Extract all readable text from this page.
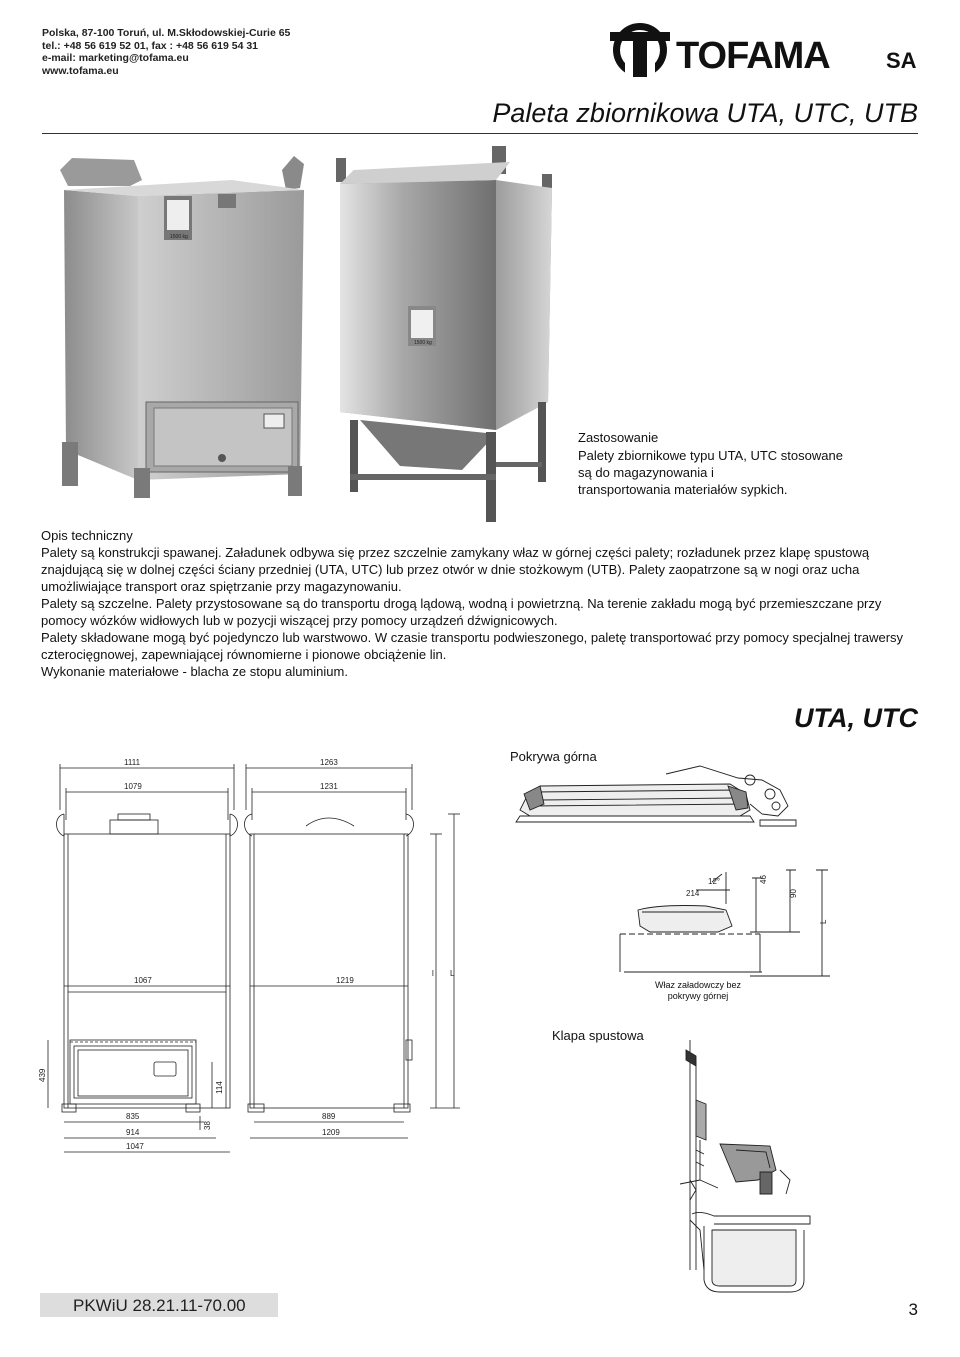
Polska, 87-100 Toruń, ul. M.Skłodowskiej-Curie 65
tel.: +48 56 619 52 01, fax : +48 56 619 54 31
e-mail: marketing@tofama.eu
www.tofama.eu	TOFAMA	SA
Paleta zbiornikowa UTA, UTC, UTB
1500 kg
1500 kg
Zastosowanie

Palety zbiornikowe typu UTA, UTC stosowane

są do magazynowania i

transportowania materiałów sypkich.

Opis techniczny

Palety są konstrukcji spawanej. Załadunek odbywa się przez szczelnie zamykany właz w górnej części palety; rozładunek przez klapę spustową znajdującą się w dolnej części ściany przedniej (UTA, UTC) lub przez otwór w dnie stożkowym (UTB). Palety zaopatrzone są w nogi oraz ucha umożliwiające transport oraz spiętrzanie przy magazynowaniu.

Palety są szczelne. Palety przystosowane są do transportu drogą lądową, wodną i powietrzną. Na terenie zakładu mogą być przemieszczane przy pomocy wózków widłowych lub w pozycji wiszącej przy pomocy urządzeń dźwignicowych.

Palety składowane mogą być pojedynczo lub warstwowo. W czasie transportu podwieszonego, paletę transportować przy pomocy specjalnej trawersy czterocięgnowej, zapewniającej równomierne i pionowe obciążenie lin.

Wykonanie materiałowe - blacha ze stopu aluminium.

UTA, UTC
1111
1079
1067
835
914
1047
439
114
38
1263
1231
1219
889
1209
l L
Pokrywa górna
214
12°	46
90
L
Właz załadowczy bez pokrywy górnej
Klapa spustowa
PKWiU 28.21.11-70.00	3
